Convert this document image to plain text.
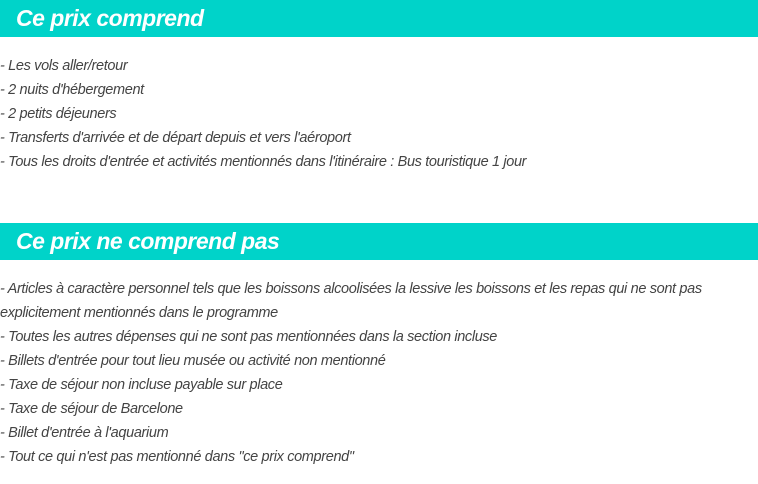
Ce prix comprend
- Les vols aller/retour
- 2 nuits d'hébergement
- 2 petits déjeuners
- Transferts d'arrivée et de départ depuis et vers l'aéroport
- Tous les droits d'entrée et activités mentionnés dans l'itinéraire : Bus touristique 1 jour
Ce prix ne comprend pas
- Articles à caractère personnel tels que les boissons alcoolisées la lessive les boissons et les repas qui ne sont pas explicitement mentionnés dans le programme
- Toutes les autres dépenses qui ne sont pas mentionnées dans la section incluse
- Billets d'entrée pour tout lieu musée ou activité non mentionné
- Taxe de séjour non incluse payable sur place
- Taxe de séjour de Barcelone
- Billet d'entrée à l'aquarium
- Tout ce qui n'est pas mentionné dans "ce prix comprend"
